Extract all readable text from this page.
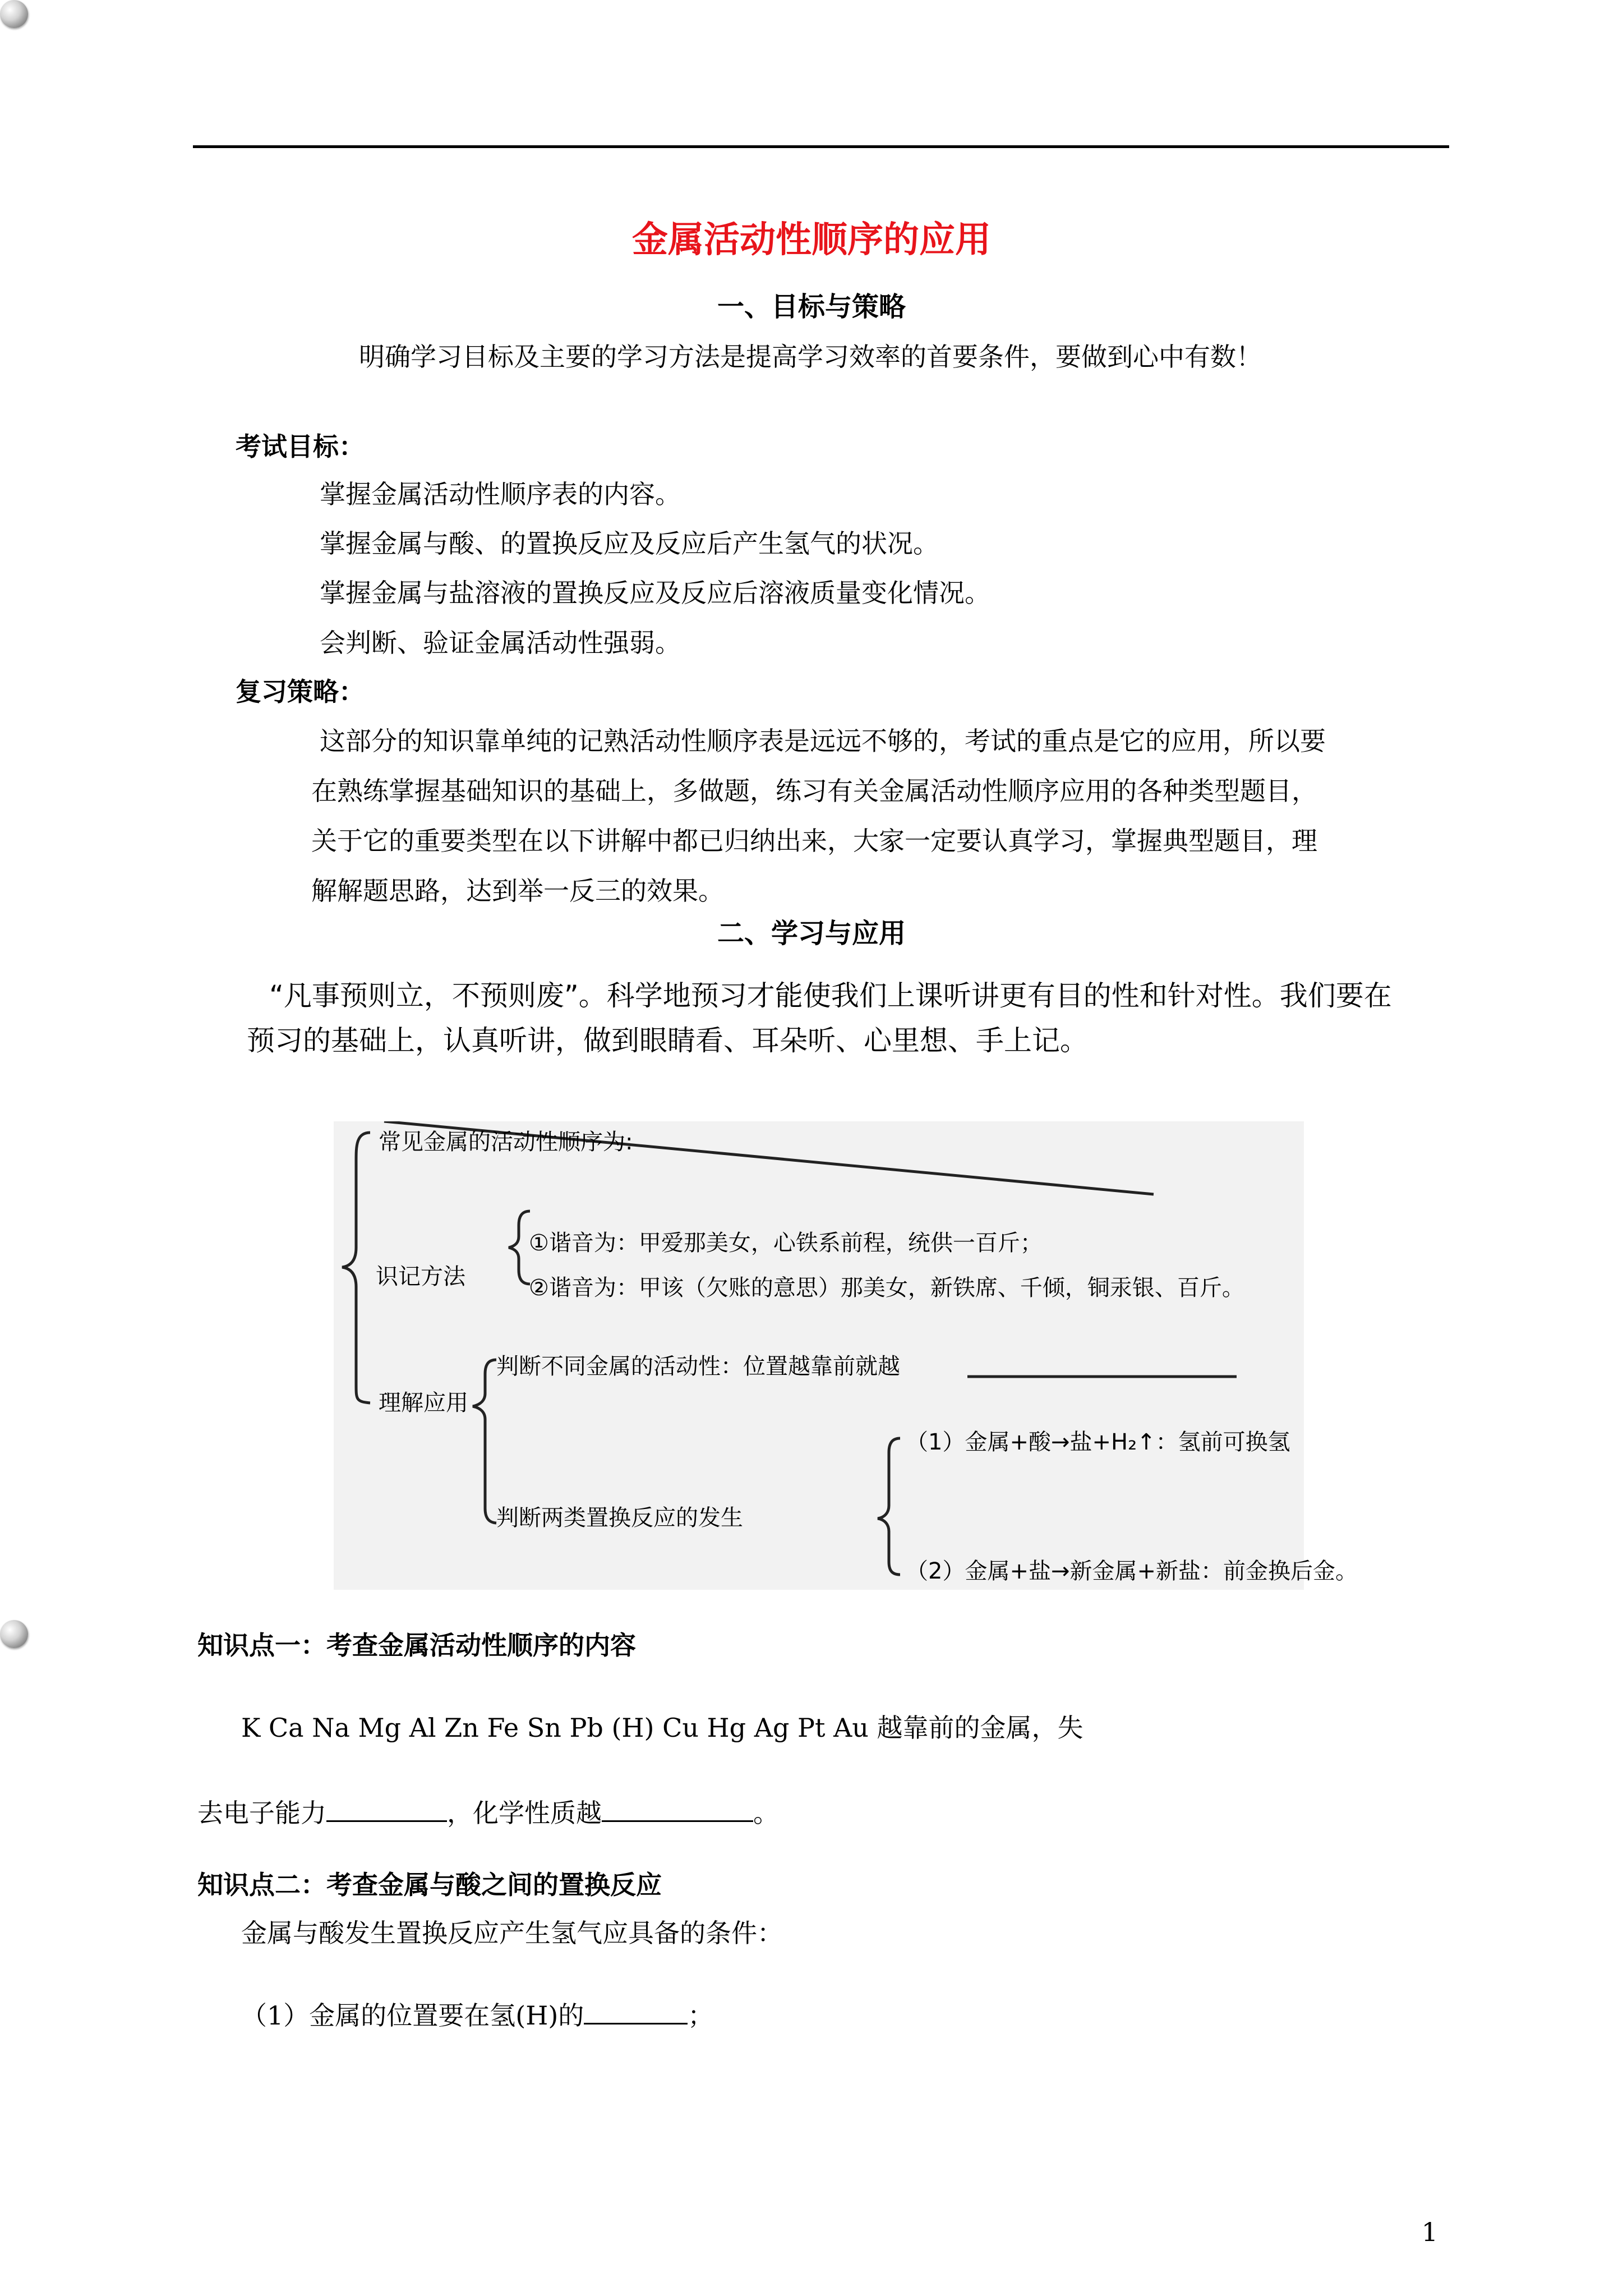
金属活动性顺序的应用
一、目标与策略
明确学习目标及主要的学习方法是提高学习效率的首要条件，要做到心中有数！
考试目标：
掌握金属活动性顺序表的内容。
掌握金属与酸、的置换反应及反应后产生氢气的状况。
掌握金属与盐溶液的置换反应及反应后溶液质量变化情况。
会判断、验证金属活动性强弱。
复习策略：
这部分的知识靠单纯的记熟活动性顺序表是远远不够的，考试的重点是它的应用，所以要
在熟练掌握基础知识的基础上，多做题，练习有关金属活动性顺序应用的各种类型题目，
关于它的重要类型在以下讲解中都已归纳出来，大家一定要认真学习，掌握典型题目，理
解解题思路，达到举一反三的效果。
二、学习与应用
“凡事预则立，不预则废”。科学地预习才能使我们上课听讲更有目的性和针对性。我们要在
预习的基础上，认真听讲，做到眼睛看、耳朵听、心里想、手上记。
常见金属的活动性顺序为:
识记方法
①谐音为：甲爱那美女，心铁系前程，统供一百斤；
②谐音为：甲该（欠账的意思）那美女，新铁席、千倾，铜汞银、百斤。
理解应用
判断不同金属的活动性：位置越靠前就越
判断两类置换反应的发生
（1）金属+酸→盐+H₂↑：氢前可换氢
（2）金属+盐→新金属+新盐：前金换后金。
知识点一：考查金属活动性顺序的内容
K Ca Na Mg Al Zn Fe Sn Pb (H) Cu Hg Ag Pt Au 越靠前的金属，失
去电子能力	，化学性质越	。
知识点二：考查金属与酸之间的置换反应
金属与酸发生置换反应产生氢气应具备的条件：
（1）金属的位置要在氢(H)的	；
1
